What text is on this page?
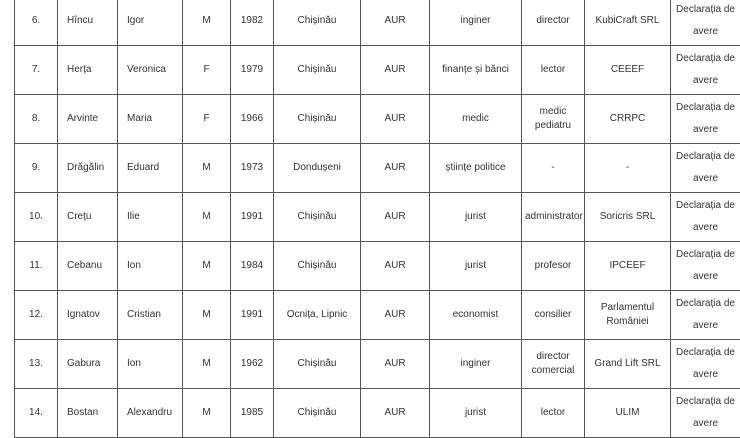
6.	Hîncu	Igor	M	1982	Chișinău	AUR	inginer	director	KubiCraft SRL	Declarația de avere

7.	Herța	Veronica	F	1979	Chișinău	AUR	finanțe și bănci	lector	CEEEF	Declarația de avere

8.	Arvinte	Maria	F	1966	Chișinău	AUR	medic	medic pediatru	CRRPC	Declarația de avere

9.	Drăgălin	Eduard	M	1973	Dondușeni	AUR	științe politice	-	-	Declarația de avere

10.	Crețu	Ilie	M	1991	Chișinău	AUR	jurist	administrator	Soricris SRL	Declarația de avere

11.	Cebanu	Ion	M	1984	Chișinău	AUR	jurist	profesor	IPCEEF	Declarația de avere

12.	Ignatov	Cristian	M	1991	Ocnița, Lipnic	AUR	economist	consilier	Parlamentul României	Declarația de avere

13.	Gabura	Ion	M	1962	Chișinău	AUR	inginer	director comercial	Grand Lift SRL	Declarația de avere

14.	Bostan	Alexandru	M	1985	Chișinău	AUR	jurist	lector	ULIM	Declarația de avere
